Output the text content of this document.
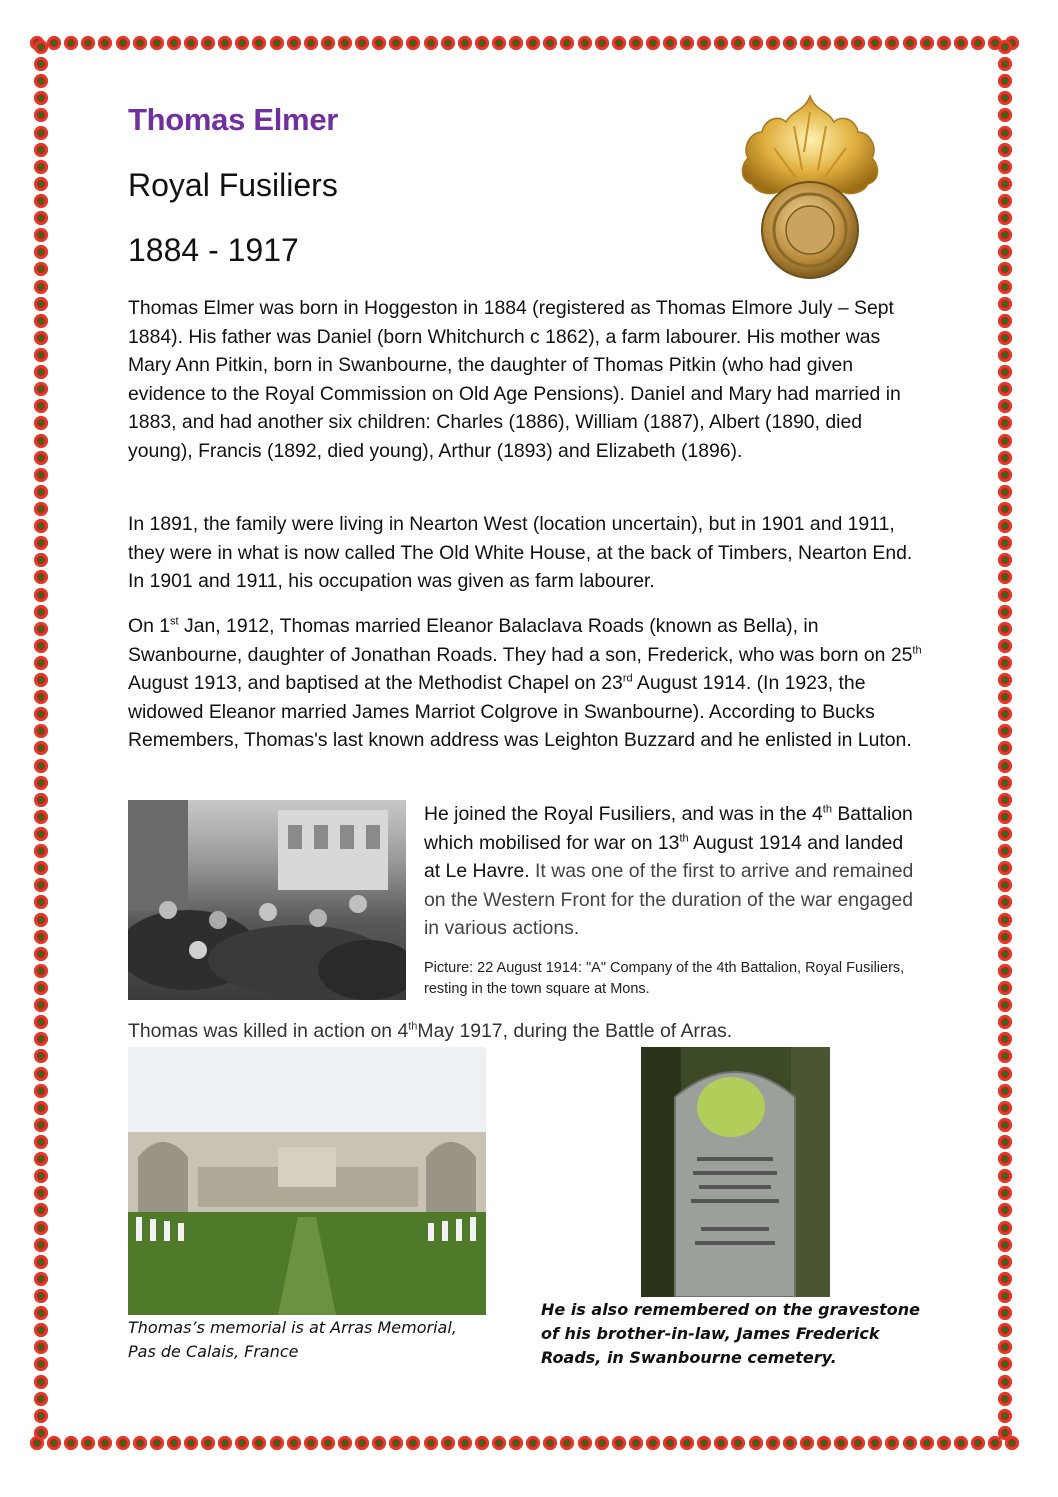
Thomas Elmer
Royal Fusiliers
1884 - 1917

Thomas Elmer was born in Hoggeston in 1884 (registered as Thomas Elmore July – Sept 1884). His father was Daniel (born Whitchurch c 1862), a farm labourer. His mother was Mary Ann Pitkin, born in Swanbourne, the daughter of Thomas Pitkin (who had given evidence to the Royal Commission on Old Age Pensions). Daniel and Mary had married in 1883, and had another six children: Charles (1886), William (1887), Albert (1890, died young), Francis (1892, died young), Arthur (1893) and Elizabeth (1896).

In 1891, the family were living in Nearton West (location uncertain), but in 1901 and 1911, they were in what is now called The Old White House, at the back of Timbers, Nearton End. In 1901 and 1911, his occupation was given as farm labourer.

On 1st Jan, 1912, Thomas married Eleanor Balaclava Roads (known as Bella), in Swanbourne, daughter of Jonathan Roads. They had a son, Frederick, who was born on 25th August 1913, and baptised at the Methodist Chapel on 23rd August 1914. (In 1923, the widowed Eleanor married James Marriot Colgrove in Swanbourne). According to Bucks Remembers, Thomas's last known address was Leighton Buzzard and he enlisted in Luton.

He joined the Royal Fusiliers, and was in the 4th Battalion which mobilised for war on 13th August 1914 and landed at Le Havre. It was one of the first to arrive and remained on the Western Front for the duration of the war engaged in various actions.

Picture: 22 August 1914: "A" Company of the 4th Battalion, Royal Fusiliers, resting in the town square at Mons.

Thomas was killed in action on 4thMay 1917, during the Battle of Arras.

Thomas’s memorial is at Arras Memorial, Pas de Calais, France

He is also remembered on the gravestone of his brother-in-law, James Frederick Roads, in Swanbourne cemetery.
